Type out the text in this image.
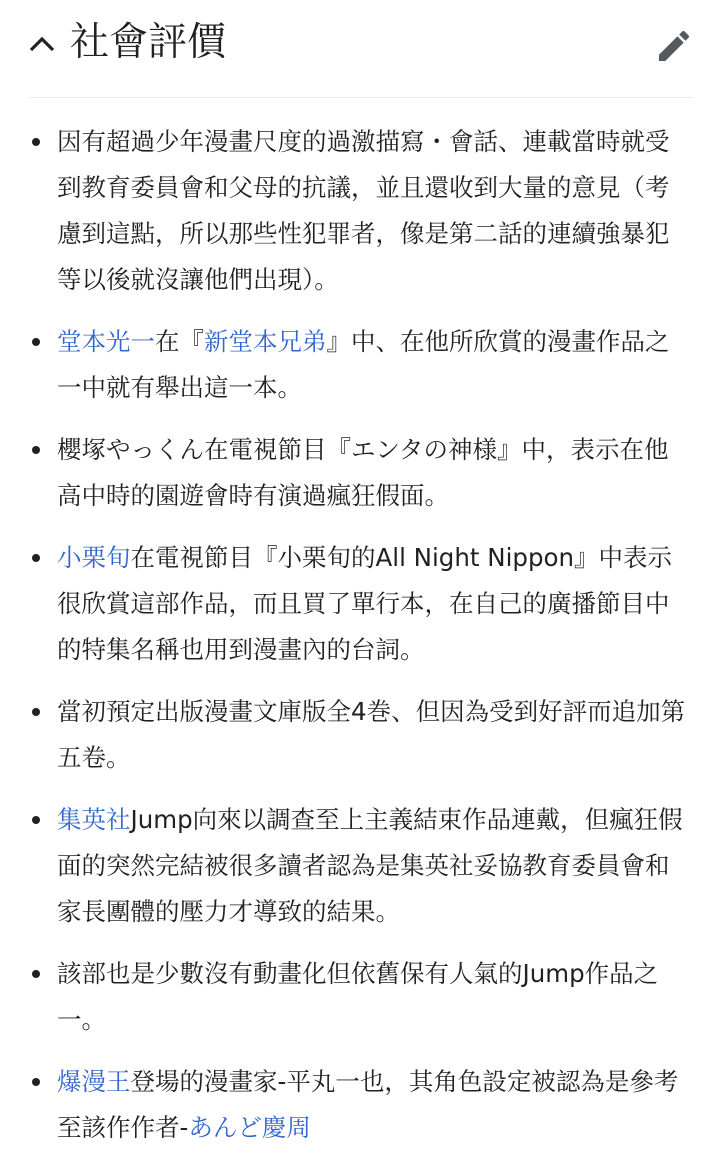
社會評價
因有超過少年漫畫尺度的過激描寫・會話、連載當時就受到教育委員會和父母的抗議，並且還收到大量的意見（考慮到這點，所以那些性犯罪者，像是第二話的連續強暴犯等以後就沒讓他們出現）。
堂本光一在『新堂本兄弟』中、在他所欣賞的漫畫作品之一中就有舉出這一本。
櫻塚やっくん在電視節目『エンタの神様』中，表示在他高中時的園遊會時有演過瘋狂假面。
小栗旬在電視節目『小栗旬的All Night Nippon』中表示很欣賞這部作品，而且買了單行本，在自己的廣播節目中的特集名稱也用到漫畫內的台詞。
當初預定出版漫畫文庫版全4巻、但因為受到好評而追加第五卷。
集英社Jump向來以調查至上主義結束作品連戴，但瘋狂假面的突然完結被很多讀者認為是集英社妥協教育委員會和家長團體的壓力才導致的結果。
該部也是少數沒有動畫化但依舊保有人氣的Jump作品之一。
爆漫王登場的漫畫家-平丸一也，其角色設定被認為是參考至該作作者-あんど慶周
